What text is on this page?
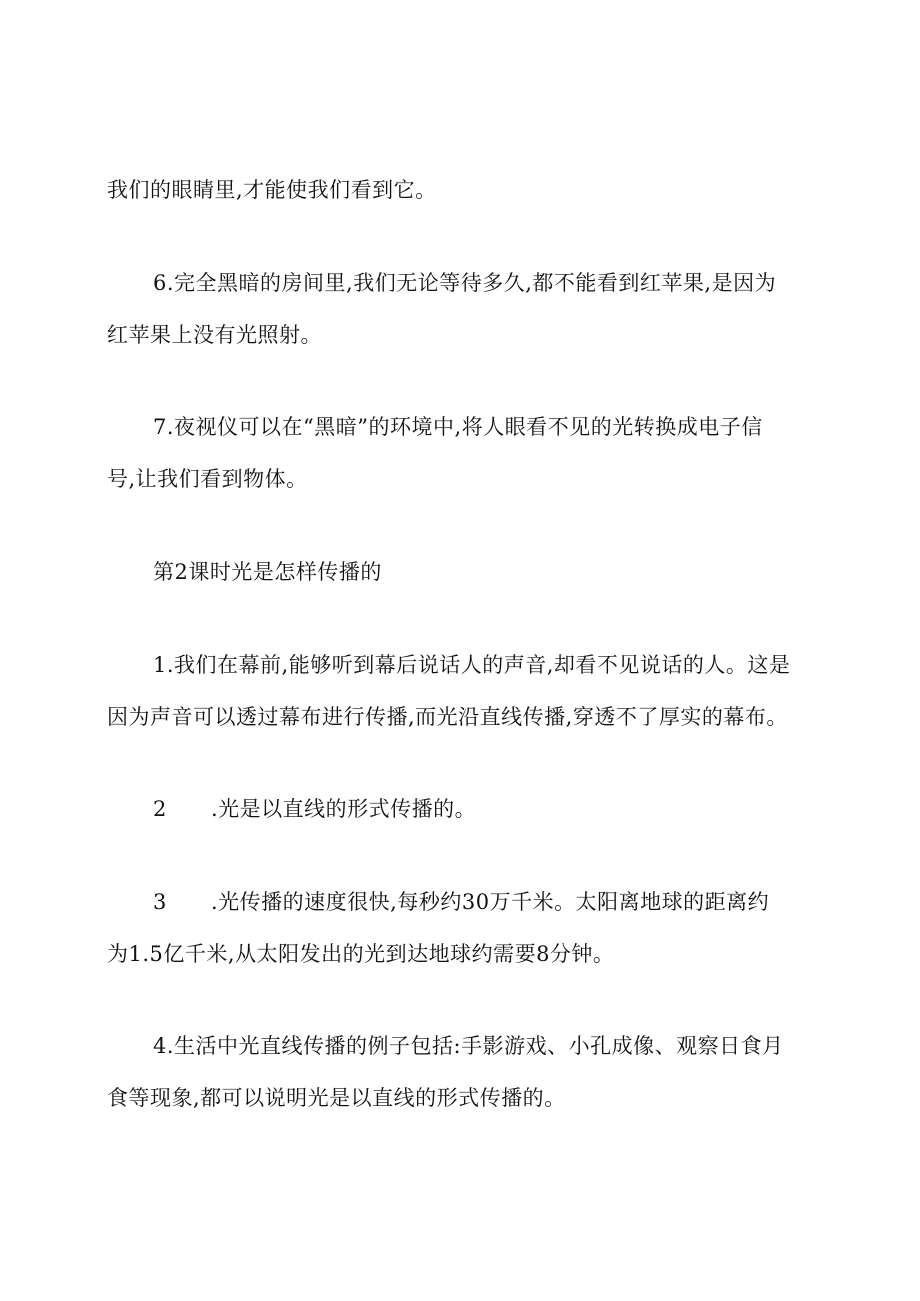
我们的眼睛里,才能使我们看到它。
6.完全黑暗的房间里,我们无论等待多久,都不能看到红苹果,是因为
红苹果上没有光照射。
7.夜视仪可以在“黑暗”的环境中,将人眼看不见的光转换成电子信
号,让我们看到物体。
第2课时光是怎样传播的
1.我们在幕前,能够听到幕后说话人的声音,却看不见说话的人。这是
因为声音可以透过幕布进行传播,而光沿直线传播,穿透不了厚实的幕布。
2 .光是以直线的形式传播的。
3 .光传播的速度很快,每秒约30万千米。太阳离地球的距离约
为1.5亿千米,从太阳发出的光到达地球约需要8分钟。
4.生活中光直线传播的例子包括:手影游戏、小孔成像、观察日食月
食等现象,都可以说明光是以直线的形式传播的。
